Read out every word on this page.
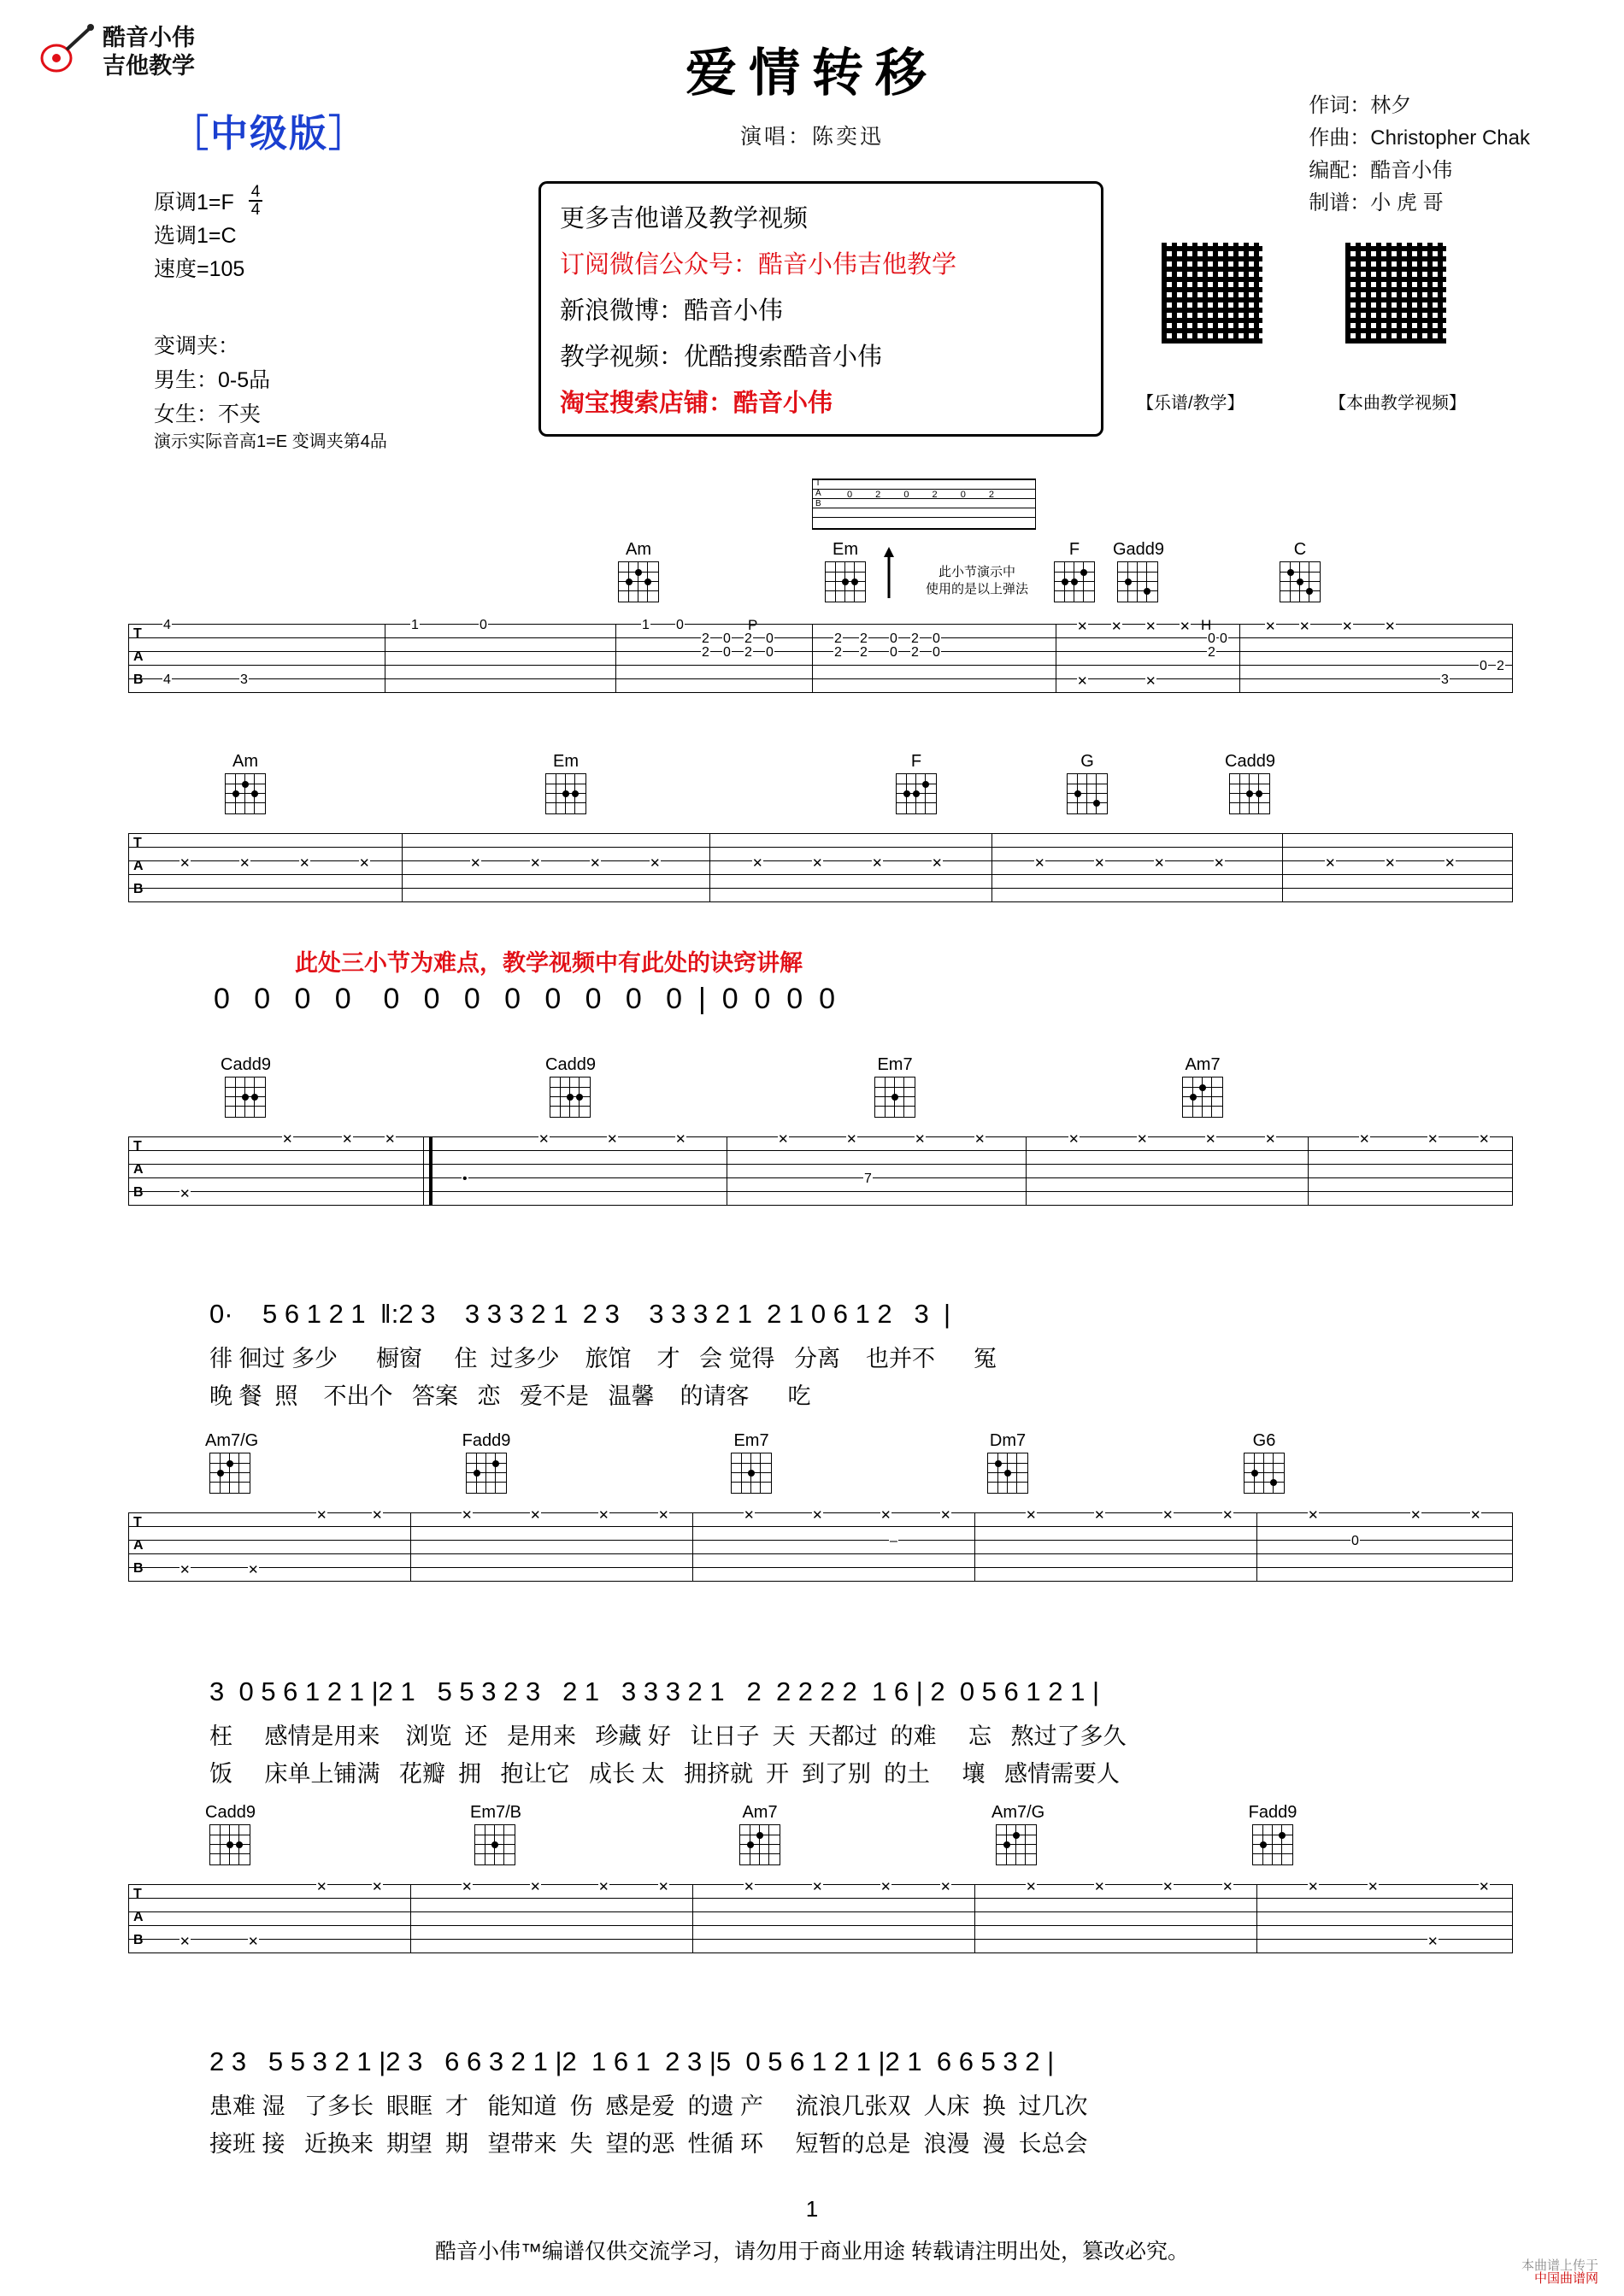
酷音小伟
吉他教学
［中级版］
爱情转移
演唱：陈奕迅
作词：林夕
作曲：Christopher Chak
编配：酷音小伟
制谱：小 虎 哥
原调$1=F \frac{4}{4}$
选调1=C
速度=105
变调夹：
男生：0-5品
女生：不夹
演示实际音高1=E 变调夹第4品
更多吉他谱及教学视频
订阅微信公众号：酷音小伟吉他教学
新浪微博：酷音小伟
教学视频：优酷搜索酷音小伟
淘宝搜索店铺：酷音小伟	【乐谱/教学】	【本曲教学视频】
T
A
B
0 2 0 2 0 2
此小节演示中
使用的是以上弹法
Am	Em	F	Gadd9	C
T
A
B
4
4	3
1	0	1 0
2 0 2 0
2 0 2 0
2 2 0 2 0
2 2 0 2 0
✕ ✕ ✕ ✕
✕	✕
0 0
2
✕ ✕ ✕ ✕
3
0 2
P	H
Am	Em	F	G	Cadd9
T
A
B
✕	✕	✕	✕	✕	✕	✕	✕	✕	✕	✕	✕	✕	✕	✕	✕	✕	✕	✕
此处三小节为难点，教学视频中有此处的诀窍讲解
0   0   0   0    0   0   0   0   0   0   0   0  |  0  0  0  0
Cadd9	Cadd9	Em7	Am7
T
A
B	✕
✕	✕ ✕
•
✕	✕	✕	✕	✕	✕	✕
7
✕	✕	✕	✕	✕	✕	✕
0·    5 6 1 2 1  ‖:2 3    3 3 3 2 1  2 3    3 3 3 2 1  2 1 0 6 1 2   3  |
徘 徊过 多少      橱窗     住  过多少    旅馆    才   会 觉得   分离    也并不      冤
晚 餐  照    不出个   答案   恋   爱不是   温馨    的请客      吃
Am7/G	Fadd9	Em7	Dm7	G6
T
A
B	✕	✕
✕	✕	✕	✕	✕	✕	✕	✕	✕	✕
–
✕	✕	✕	✕
0
✕	✕	✕
3  0 5 6 1 2 1 |2 1   5 5 3 2 3   2 1   3 3 3 2 1   2  2 2 2 2  1 6 | 2  0 5 6 1 2 1 |
枉     感情是用来    浏览  还   是用来   珍藏 好   让日子  天  天都过  的难     忘   熬过了多久
饭     床单上铺满   花瓣  拥   抱让它   成长 太   拥挤就  开  到了别  的土     壤   感情需要人
Cadd9	Em7/B	Am7	Am7/G	Fadd9
T
A
B	✕	✕
✕	✕	✕	✕	✕	✕	✕	✕	✕	✕	✕	✕	✕	✕	✕	✕
✕
✕
2 3   5 5 3 2 1 |2 3   6 6 3 2 1 |2  1 6 1  2 3 |5  0 5 6 1 2 1 |2 1  6 6 5 3 2 |
患难 湿   了多长  眼眶  才   能知道  伤  感是爱  的遗 产     流浪几张双  人床  换  过几次
接班 接   近换来  期望  期   望带来  失  望的恶  性循 环     短暂的总是  浪漫  漫  长总会
1
酷音小伟™编谱仅供交流学习，请勿用于商业用途 转载请注明出处，篡改必究。
本曲谱上传于
中国曲谱网
